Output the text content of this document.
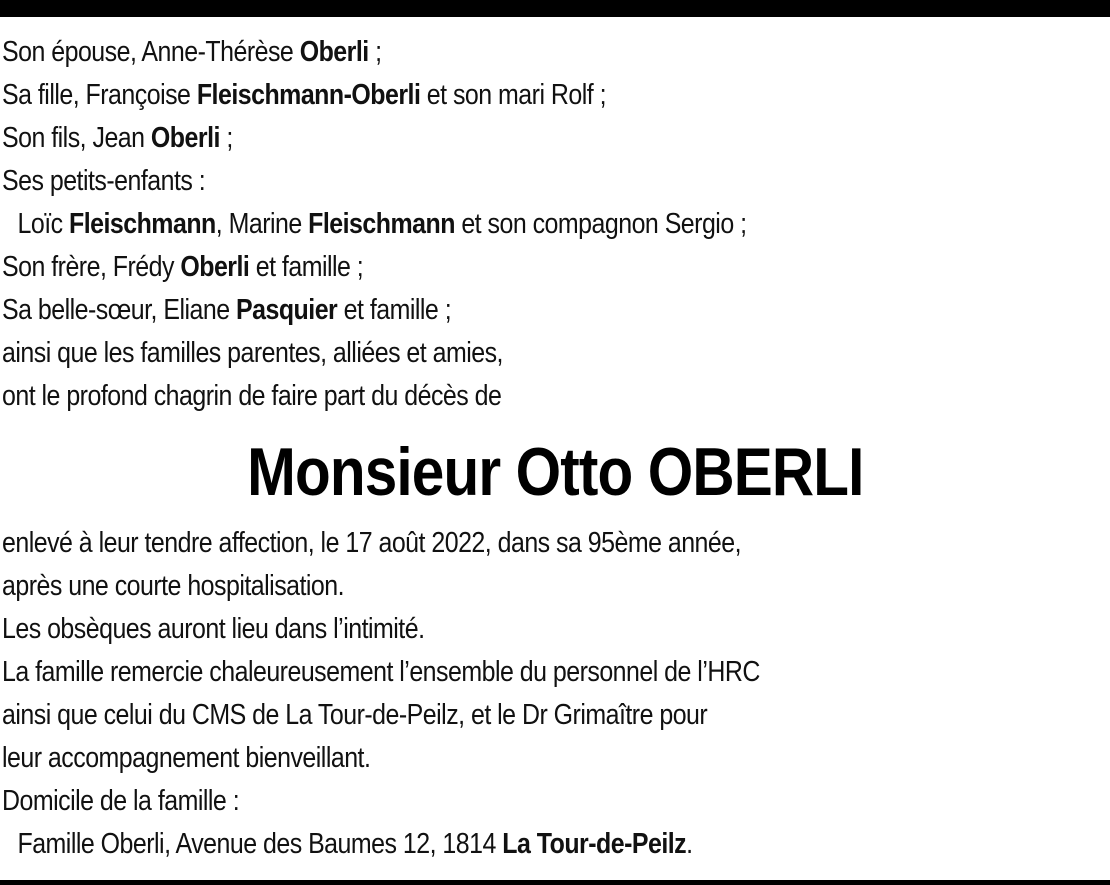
Son épouse, Anne-Thérèse Oberli ;
Sa fille, Françoise Fleischmann-Oberli et son mari Rolf ;
Son fils, Jean Oberli ;
Ses petits-enfants :
Loïc Fleischmann, Marine Fleischmann et son compagnon Sergio ;
Son frère, Frédy Oberli et famille ;
Sa belle-sœur, Eliane Pasquier et famille ;
ainsi que les familles parentes, alliées et amies,
ont le profond chagrin de faire part du décès de
Monsieur Otto OBERLI
enlevé à leur tendre affection, le 17 août 2022, dans sa 95ème année,
après une courte hospitalisation.
Les obsèques auront lieu dans l’intimité.
La famille remercie chaleureusement l’ensemble du personnel de l’HRC
ainsi que celui du CMS de La Tour-de-Peilz, et le Dr Grimaître pour
leur accompagnement bienveillant.
Domicile de la famille :
Famille Oberli, Avenue des Baumes 12, 1814 La Tour-de-Peilz.
